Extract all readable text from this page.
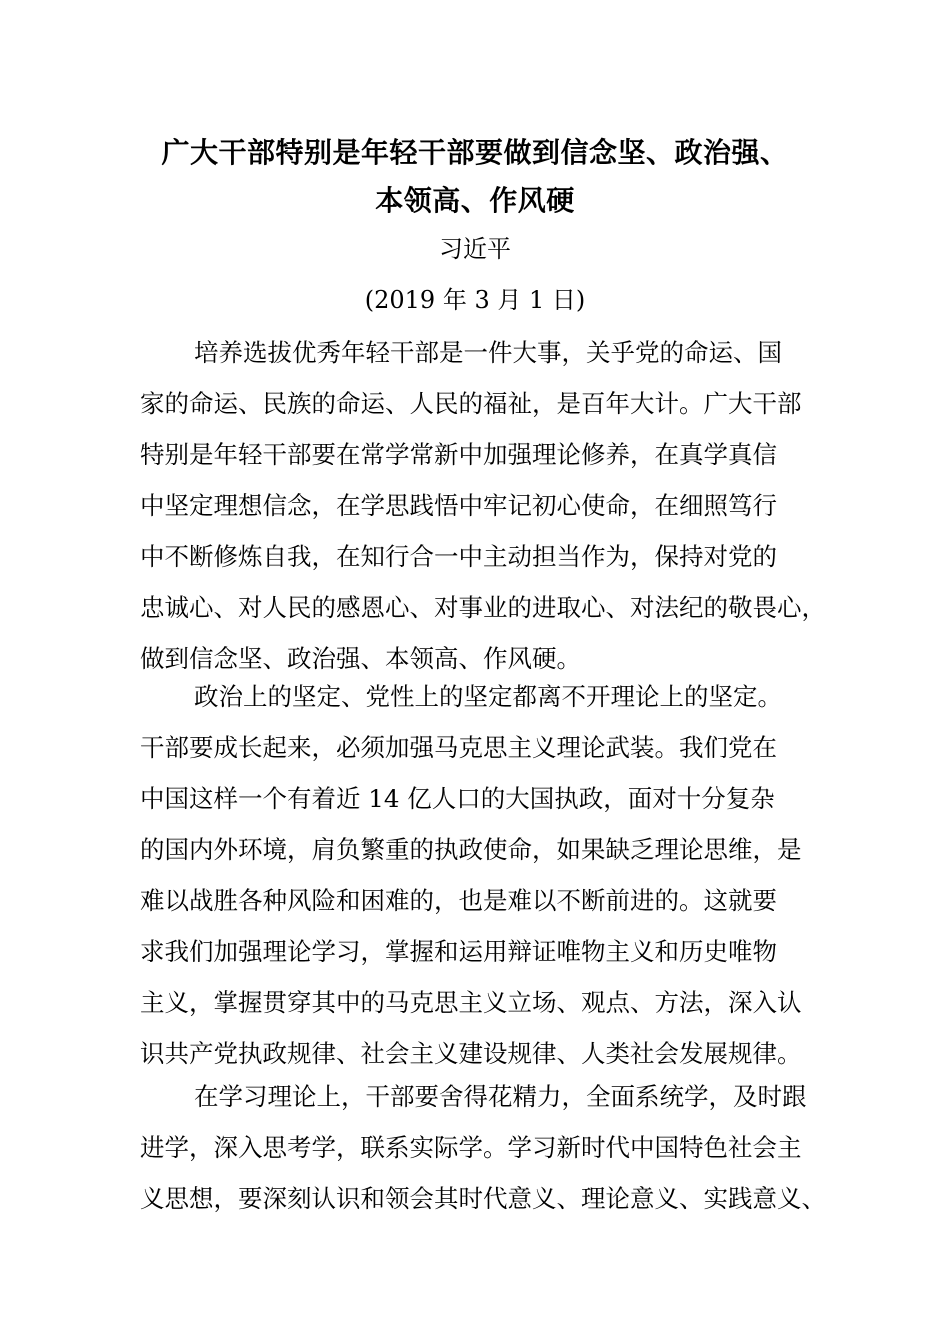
广大干部特别是年轻干部要做到信念坚、政治强、
本领高、作风硬
习近平
(2019 年 3 月 1 日)
培养选拔优秀年轻干部是一件大事，关乎党的命运、国
家的命运、民族的命运、人民的福祉，是百年大计。广大干部
特别是年轻干部要在常学常新中加强理论修养，在真学真信
中坚定理想信念，在学思践悟中牢记初心使命，在细照笃行
中不断修炼自我，在知行合一中主动担当作为，保持对党的
忠诚心、对人民的感恩心、对事业的进取心、对法纪的敬畏心，
做到信念坚、政治强、本领高、作风硬。
政治上的坚定、党性上的坚定都离不开理论上的坚定。
干部要成长起来，必须加强马克思主义理论武装。我们党在
中国这样一个有着近 14 亿人口的大国执政，面对十分复杂
的国内外环境，肩负繁重的执政使命，如果缺乏理论思维，是
难以战胜各种风险和困难的，也是难以不断前进的。这就要
求我们加强理论学习，掌握和运用辩证唯物主义和历史唯物
主义，掌握贯穿其中的马克思主义立场、观点、方法，深入认
识共产党执政规律、社会主义建设规律、人类社会发展规律。
在学习理论上，干部要舍得花精力，全面系统学，及时跟
进学，深入思考学，联系实际学。学习新时代中国特色社会主
义思想，要深刻认识和领会其时代意义、理论意义、实践意义、
